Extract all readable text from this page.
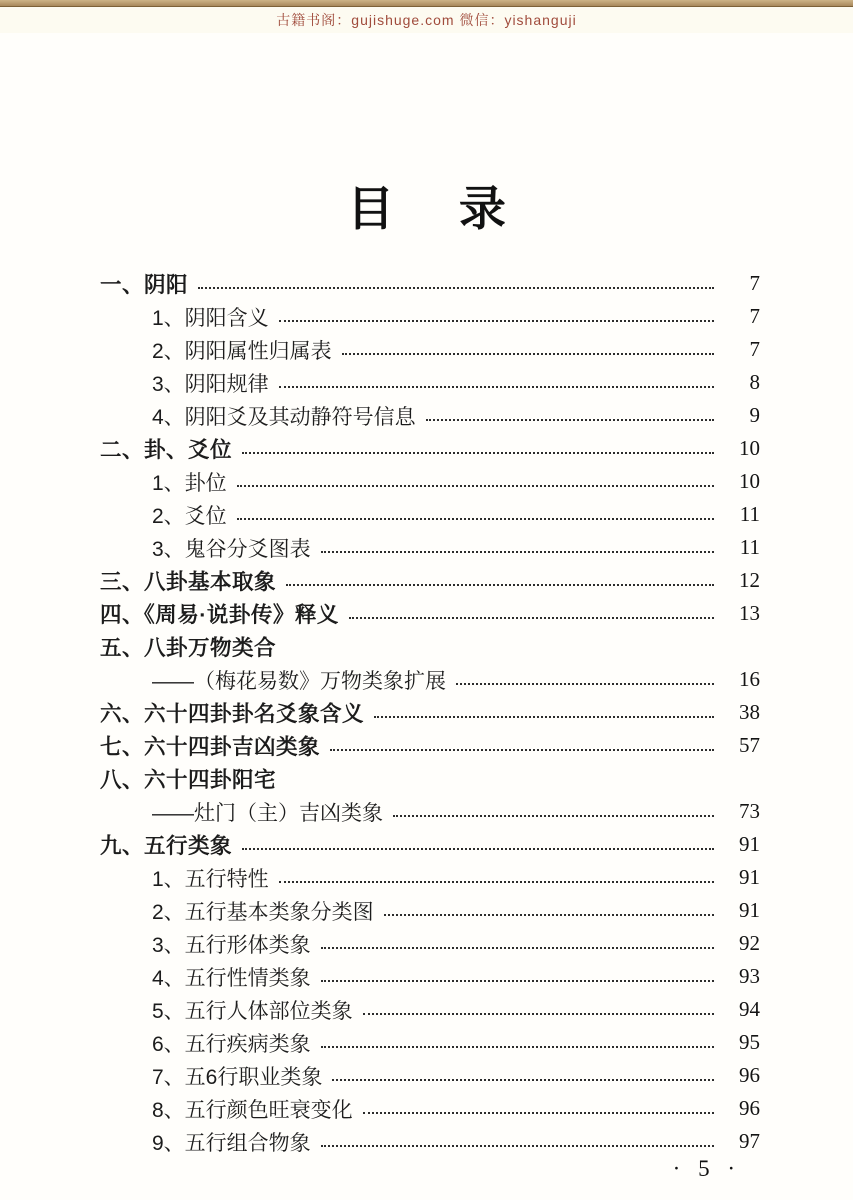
古籍书阁：gujishuge.com 微信：yishanguji
目 录
一、阴阳	7
1、阴阳含义	7
2、阴阳属性归属表	7
3、阴阳规律	8
4、阴阳爻及其动静符号信息	9
二、卦、爻位	10
1、卦位	10
2、爻位	11
3、鬼谷分爻图表	11
三、八卦基本取象	12
四、《周易·说卦传》释义	13
五、八卦万物类合
——（梅花易数》万物类象扩展	16
六、六十四卦卦名爻象含义	38
七、六十四卦吉凶类象	57
八、六十四卦阳宅
——灶门（主）吉凶类象	73
九、五行类象	91
1、五行特性	91
2、五行基本类象分类图	91
3、五行形体类象	92
4、五行性情类象	93
5、五行人体部位类象	94
6、五行疾病类象	95
7、五6行职业类象	96
8、五行颜色旺衰变化	96
9、五行组合物象	97
· 5 ·
